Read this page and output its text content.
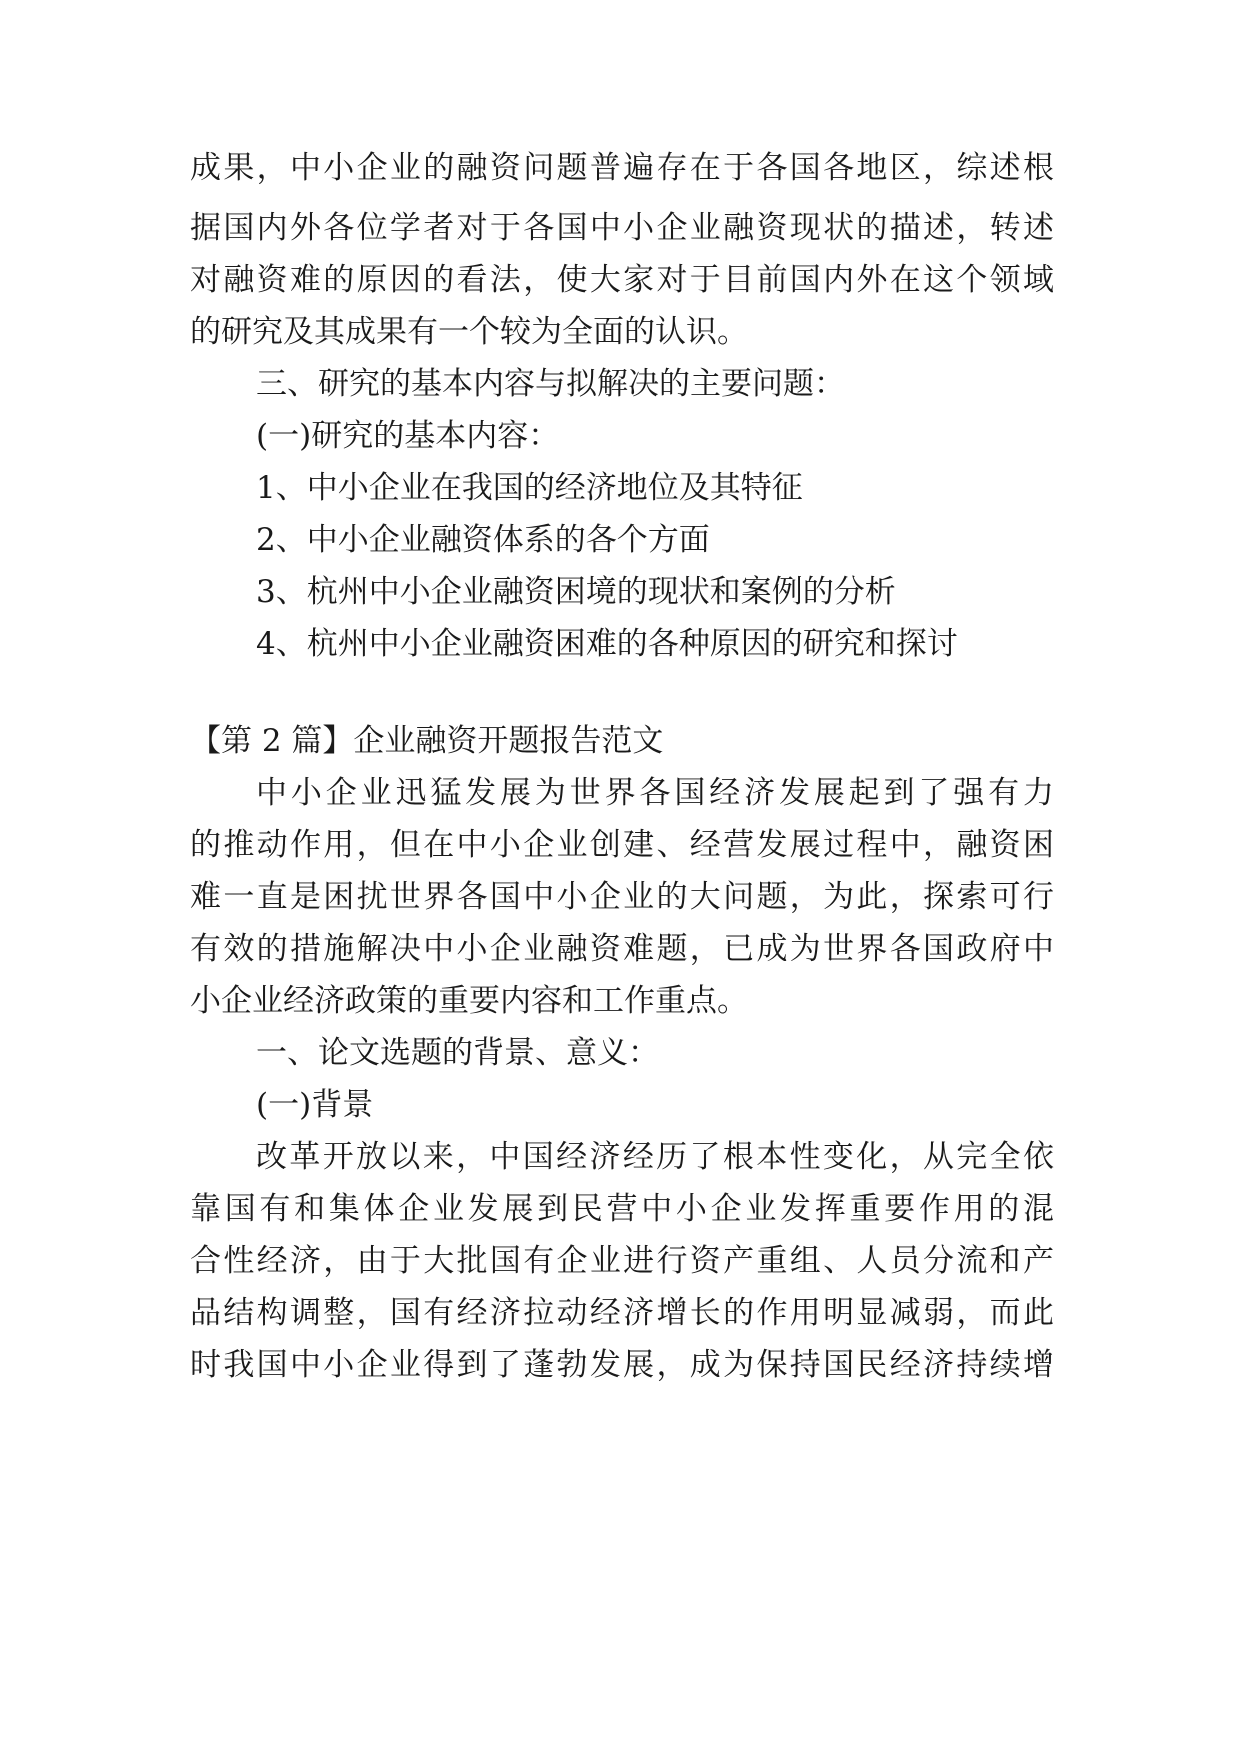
成果，中小企业的融资问题普遍存在于各国各地区，综述根

据国内外各位学者对于各国中小企业融资现状的描述，转述

对融资难的原因的看法，使大家对于目前国内外在这个领域

的研究及其成果有一个较为全面的认识。

三、研究的基本内容与拟解决的主要问题：

(一)研究的基本内容：

1、中小企业在我国的经济地位及其特征

2、中小企业融资体系的各个方面

3、杭州中小企业融资困境的现状和案例的分析

4、杭州中小企业融资困难的各种原因的研究和探讨

【第 2 篇】企业融资开题报告范文

中小企业迅猛发展为世界各国经济发展起到了强有力

的推动作用，但在中小企业创建、经营发展过程中，融资困

难一直是困扰世界各国中小企业的大问题，为此，探索可行

有效的措施解决中小企业融资难题，已成为世界各国政府中

小企业经济政策的重要内容和工作重点。

一、论文选题的背景、意义：

(一)背景

改革开放以来，中国经济经历了根本性变化，从完全依

靠国有和集体企业发展到民营中小企业发挥重要作用的混

合性经济，由于大批国有企业进行资产重组、人员分流和产

品结构调整，国有经济拉动经济增长的作用明显减弱，而此

时我国中小企业得到了蓬勃发展，成为保持国民经济持续增
